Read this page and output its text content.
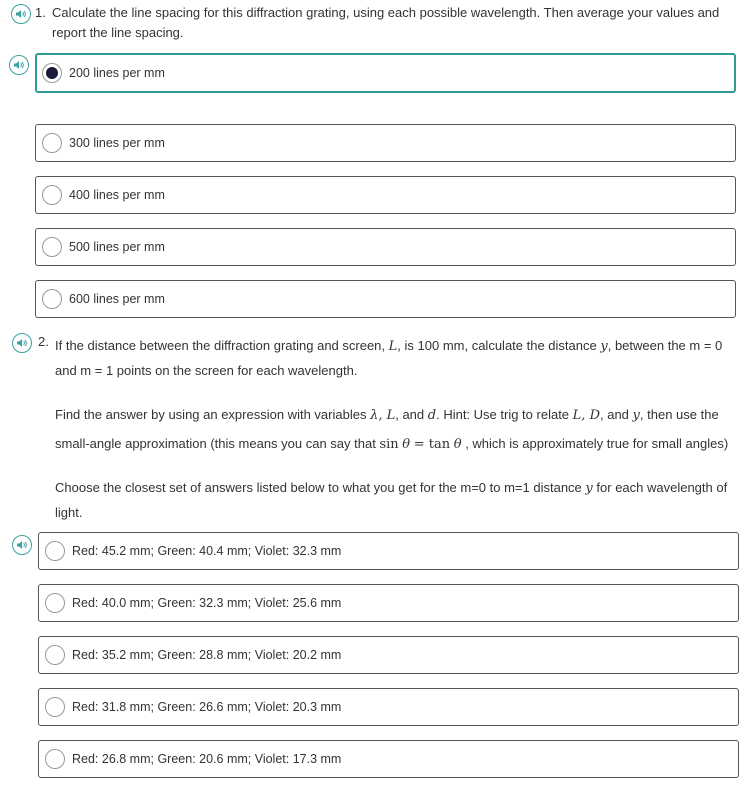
1. Calculate the line spacing for this diffraction grating, using each possible wavelength. Then average your values and
report the line spacing.
200 lines per mm
300 lines per mm
400 lines per mm
500 lines per mm
600 lines per mm
2. If the distance between the diffraction grating and screen, L, is 100 mm, calculate the distance y, between the m = 0
and m = 1 points on the screen for each wavelength.
Find the answer by using an expression with variables λ, L, and d. Hint: Use trig to relate L, D, and y, then use the
small-angle approximation (this means you can say that sin θ = tan θ , which is approximately true for small angles)
Choose the closest set of answers listed below to what you get for the m=0 to m=1 distance y for each wavelength of
light.
Red: 45.2 mm; Green: 40.4 mm; Violet: 32.3 mm
Red: 40.0 mm; Green: 32.3 mm; Violet: 25.6 mm
Red: 35.2 mm; Green: 28.8 mm; Violet: 20.2 mm
Red: 31.8 mm; Green: 26.6 mm; Violet: 20.3 mm
Red: 26.8 mm; Green: 20.6 mm; Violet: 17.3 mm
